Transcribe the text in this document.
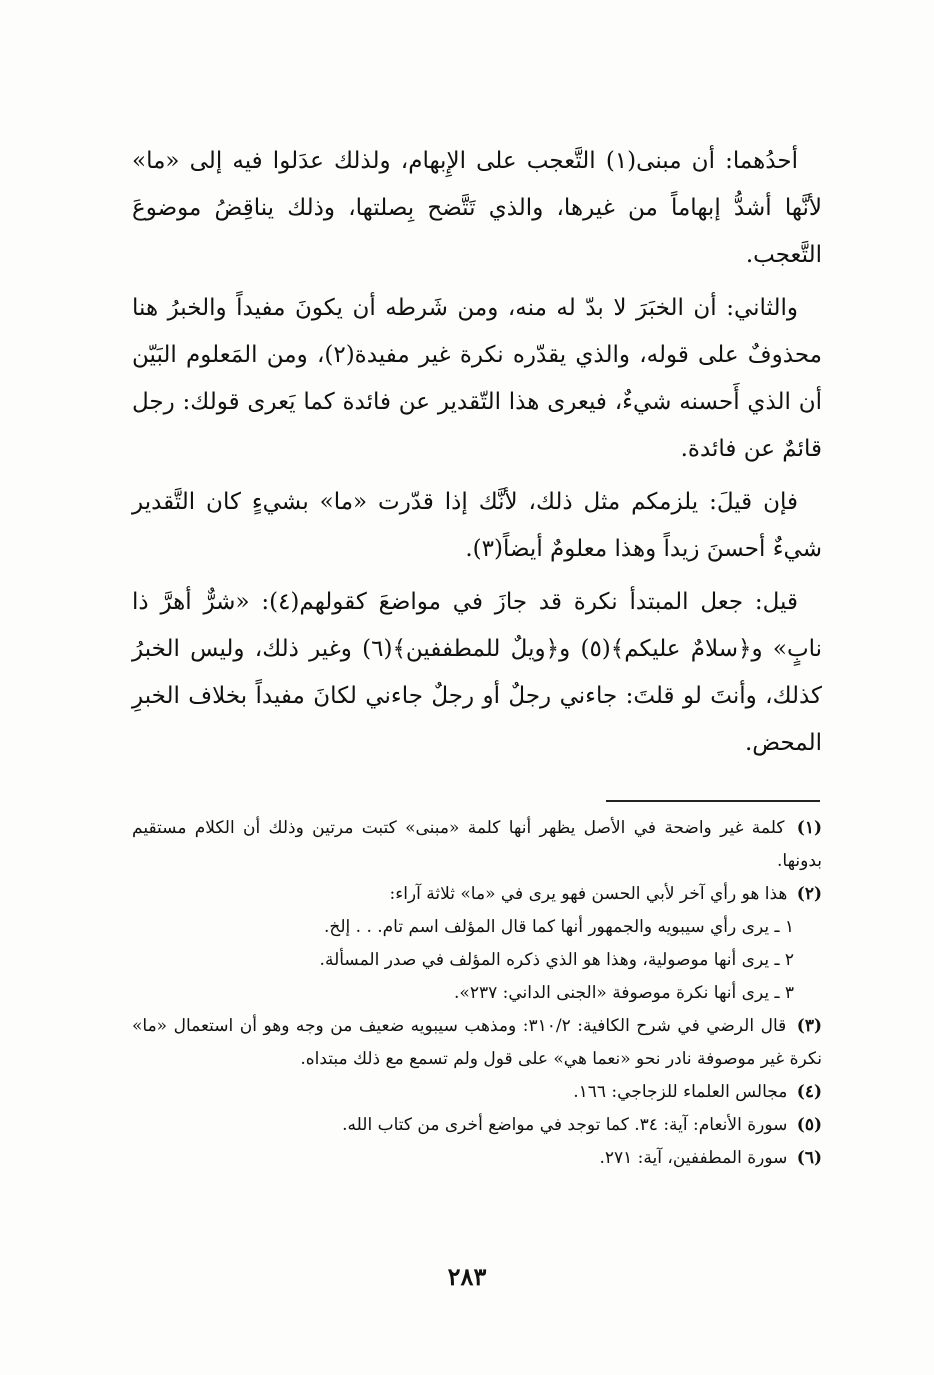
أحدُهما: أن مبنى(١) التَّعجب على الإِبهام، ولذلك عدَلوا فيه إلى «ما» لأنَّها أشدُّ إبهاماً من غيرها، والذي تَتَّضح بِصلتها، وذلك يناقِضُ موضوعَ التَّعجب.

والثاني: أن الخبَرَ لا بدّ له منه، ومن شَرطه أن يكونَ مفيداً والخبرُ هنا محذوفٌ على قوله، والذي يقدّره نكرة غير مفيدة(٢)، ومن المَعلوم البَيّن أن الذي أَحسنه شيءٌ، فيعرى هذا التّقدير عن فائدة كما يَعرى قولك: رجل قائمٌ عن فائدة.

فإن قيلَ: يلزمكم مثل ذلك، لأنَّك إذا قدّرت «ما» بشيءٍ كان التَّقدير شيءٌ أحسنَ زيداً وهذا معلومٌ أيضاً(٣).

قيل: جعل المبتدأ نكرة قد جازَ في مواضعَ كقولهم(٤): «شرٌّ أهرَّ ذا نابٍ» و﴿سلامٌ عليكم﴾(٥) و﴿ويلٌ للمطففين﴾(٦) وغير ذلك، وليس الخبرُ كذلك، وأنتَ لو قلتَ: جاءني رجلٌ أو رجلٌ جاءني لكانَ مفيداً بخلاف الخبرِ المحض.

(١) كلمة غير واضحة في الأصل يظهر أنها كلمة «مبنى» كتبت مرتين وذلك أن الكلام مستقيم بدونها.

(٢) هذا هو رأي آخر لأبي الحسن فهو يرى في «ما» ثلاثة آراء:

١ ـ يرى رأي سيبويه والجمهور أنها كما قال المؤلف اسم تام. . . إلخ.

٢ ـ يرى أنها موصولية، وهذا هو الذي ذكره المؤلف في صدر المسألة.

٣ ـ يرى أنها نكرة موصوفة «الجنى الداني: ٢٣٧».

(٣) قال الرضي في شرح الكافية: ٣١٠/٢: ومذهب سيبويه ضعيف من وجه وهو أن استعمال «ما» نكرة غير موصوفة نادر نحو «نعما هي» على قول ولم تسمع مع ذلك مبتداه.

(٤) مجالس العلماء للزجاجي: ١٦٦.

(٥) سورة الأنعام: آية: ٣٤. كما توجد في مواضع أخرى من كتاب الله.

(٦) سورة المطففين، آية: ٢٧١.

٢٨٣
